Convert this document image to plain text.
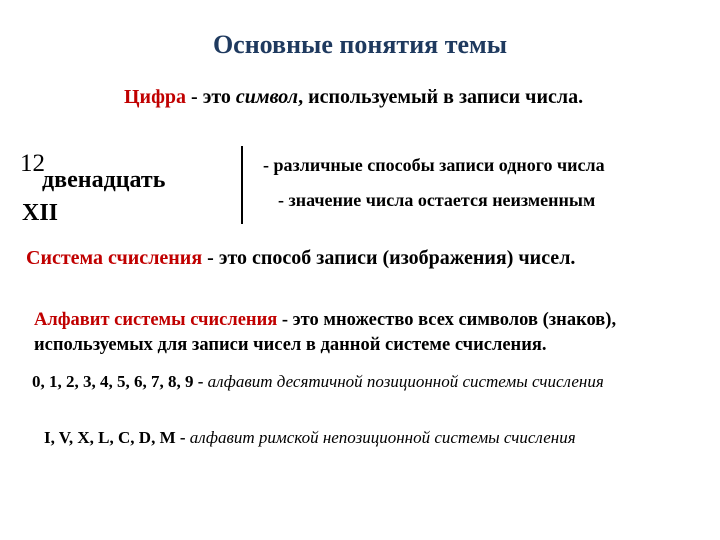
Основные понятия темы
Цифра - это символ, используемый в записи числа.
12
двенадцать
XII
- различные способы записи одного числа
- значение числа остается неизменным
Система счисления - это способ записи (изображения) чисел.
Алфавит системы счисления - это множество всех символов (знаков),
используемых для записи чисел в данной системе счисления.
0, 1, 2, 3, 4, 5, 6, 7, 8, 9 - алфавит десятичной позиционной системы счисления
I, V, X, L, C, D, M - алфавит римской непозиционной системы счисления
